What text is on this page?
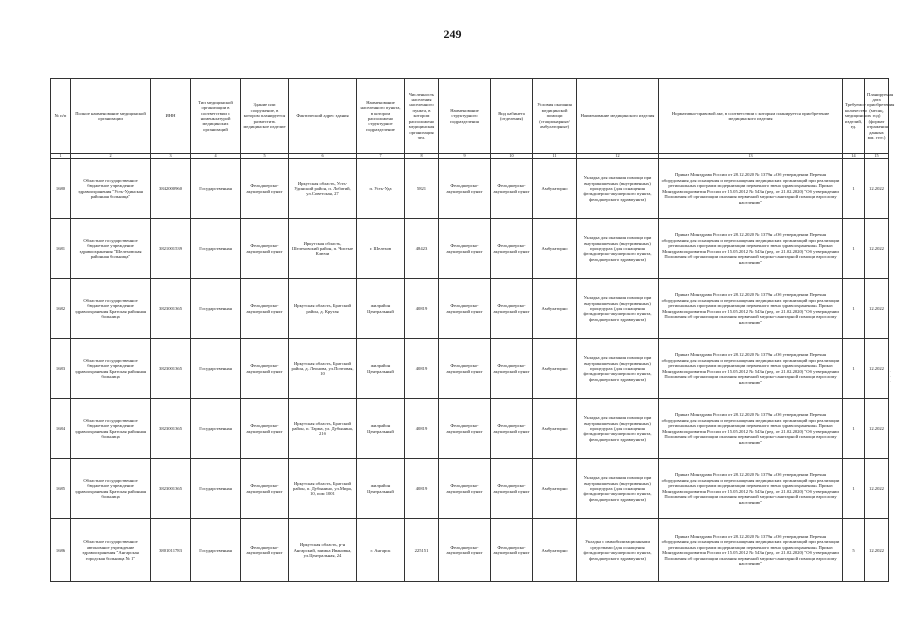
249
№ п/п	Полное наименование медицинской организации	ИНН	Тип медицинской организации в соответствии с номенклатурой медицинских организаций	Здание или сооружение, в котором планируется разместить медицинское изделие	Фактический адрес здания	Наименование населенного пункта, в котором расположено структурное подразделение	Численность населения населенного пункта, в котором расположено медицинская организация чел.	Наименование структурного подразделения	Вид кабинета (отделения)	Условия оказания медицинской помощи (стационарные/амбулаторные)	Наименование медицинского изделия	Нормативно-правовой акт, в соответствии с которым планируется приобретение медицинского изделия	Требуемое количество медицинских изделий, ед.	Планируемая дата приобретения (месяц, год) (формат отражения данных мм. гггг.)
1	2	3	4	5	6	7	8	9	10	11	12	13	14	15
1680	Областное государственное бюджетное учреждение здравоохранения "Усть-Удинская районная больница"	3842000960	Государственная	Фельдшерско-акушерский пункт	Иркутская область, Усть-Удинский район, п. Лобатий, ул.Советская, 27	п. Усть-Уда	5821	Фельдшерско-акушерский пункт	Фельдшерско-акушерский пункт	Амбулаторно	Укладка для оказания помощи при внутрикишечных (внутривенных) процедурах (для оснащения фельдшерско-акушерского пункта, фельдшерского здравпункта)	Приказ Минздрава России от 28.12.2020 № 1379н «Об утверждении Перечня оборудования для оснащения и переоснащения медицинских организаций при реализации региональных программ модернизации первичного звена здравоохранения» Приказ Минздравсоцразвития России от 15.05.2012 № 543н (ред. от 21.02.2020) "Об утверждении Положения об организации оказания первичной медико-санитарной помощи взрослому населению"	1	12.2022
1681	Областное государственное бюджетное учреждение здравоохранения "Шелеховская районная больница"	3821001539	Государственная	Фельдшерско-акушерский пункт	Иркутская область, Шелеховский район, п. Чистые Ключи	г. Шелехов	48423	Фельдшерско-акушерский пункт	Фельдшерско-акушерский пункт	Амбулаторно	Укладка для оказания помощи при внутрикишечных (внутривенных) процедурах (для оснащения фельдшерско-акушерского пункта, фельдшерского здравпункта)	Приказ Минздрава России от 28.12.2020 № 1379н «Об утверждении Перечня оборудования для оснащения и переоснащения медицинских организаций при реализации региональных программ модернизации первичного звена здравоохранения» Приказ Минздравсоцразвития России от 15.05.2012 № 543н (ред. от 21.02.2020) "Об утверждении Положения об организации оказания первичной медико-санитарной помощи взрослому населению"	1	12.2022
1682	Областное государственное бюджетное учреждение здравоохранения Братская районная больница	3823001365	Государственная	Фельдшерско-акушерский пункт	Иркутская область, Братский район, д. Крутая	жилрайон Центральный	40819	Фельдшерско-акушерский пункт	Фельдшерско-акушерский пункт	Амбулаторно	Укладка для оказания помощи при внутрикишечных (внутривенных) процедурах (для оснащения фельдшерско-акушерского пункта, фельдшерского здравпункта)	Приказ Минздрава России от 28.12.2020 № 1379н «Об утверждении Перечня оборудования для оснащения и переоснащения медицинских организаций при реализации региональных программ модернизации первичного звена здравоохранения» Приказ Минздравсоцразвития России от 15.05.2012 № 543н (ред. от 21.02.2020) "Об утверждении Положения об организации оказания первичной медико-санитарной помощи взрослому населению"	1	12.2022
1683	Областное государственное бюджетное учреждение здравоохранения Братская районная больница	3823001365	Государственная	Фельдшерско-акушерский пункт	Иркутская область, Братский район, д. Леонова, ул.Почтовая, 10	жилрайон Центральный	40819	Фельдшерско-акушерский пункт	Фельдшерско-акушерский пункт	Амбулаторно	Укладка для оказания помощи при внутрикишечных (внутривенных) процедурах (для оснащения фельдшерско-акушерского пункта, фельдшерского здравпункта)	Приказ Минздрава России от 28.12.2020 № 1379н «Об утверждении Перечня оборудования для оснащения и переоснащения медицинских организаций при реализации региональных программ модернизации первичного звена здравоохранения» Приказ Минздравсоцразвития России от 15.05.2012 № 543н (ред. от 21.02.2020) "Об утверждении Положения об организации оказания первичной медико-санитарной помощи взрослому населению"	1	12.2022
1684	Областное государственное бюджетное учреждение здравоохранения Братская районная больница	3823001365	Государственная	Фельдшерско-акушерский пункт	Иркутская область, Братский район, п. Тарма, ул. Дубынина, 21б	жилрайон Центральный	40819	Фельдшерско-акушерский пункт	Фельдшерско-акушерский пункт	Амбулаторно	Укладка для оказания помощи при внутрикишечных (внутривенных) процедурах (для оснащения фельдшерско-акушерского пункта, фельдшерского здравпункта)	Приказ Минздрава России от 28.12.2020 № 1379н «Об утверждении Перечня оборудования для оснащения и переоснащения медицинских организаций при реализации региональных программ модернизации первичного звена здравоохранения» Приказ Минздравсоцразвития России от 15.05.2012 № 543н (ред. от 21.02.2020) "Об утверждении Положения об организации оказания первичной медико-санитарной помощи взрослому населению"	1	12.2022
1685	Областное государственное бюджетное учреждение здравоохранения Братская районная больница	3823001365	Государственная	Фельдшерско-акушерский пункт	Иркутская область, Братский район, п. Дубынино, ул.Мира, 10, пом 1001	жилрайон Центральный	40819	Фельдшерско-акушерский пункт	Фельдшерско-акушерский пункт	Амбулаторно	Укладка для оказания помощи при внутрикишечных (внутривенных) процедурах (для оснащения фельдшерско-акушерского пункта, фельдшерского здравпункта)	Приказ Минздрава России от 28.12.2020 № 1379н «Об утверждении Перечня оборудования для оснащения и переоснащения медицинских организаций при реализации региональных программ модернизации первичного звена здравоохранения» Приказ Минздравсоцразвития России от 15.05.2012 № 543н (ред. от 21.02.2020) "Об утверждении Положения об организации оказания первичной медико-санитарной помощи взрослому населению"	1	12.2022
1686	Областное государственное автономное учреждение здравоохранения "Ангарская городская больница № 1"	3801011783	Государственная	Фельдшерско-акушерский пункт	Иркутская область, р-н Ангарский, заимка Ивановка, ул.Центральная, 24	г. Ангарск	225151	Фельдшерско-акушерский пункт	Фельдшерско-акушерский пункт	Амбулаторно	Укладка с иммобилизационными средствами (для оснащения фельдшерско-акушерского пункта, фельдшерского здравпункта)	Приказ Минздрава России от 28.12.2020 № 1379н «Об утверждении Перечня оборудования для оснащения и переоснащения медицинских организаций при реализации региональных программ модернизации первичного звена здравоохранения» Приказ Минздравсоцразвития России от 15.05.2012 № 543н (ред. от 21.02.2020) "Об утверждении Положения об организации оказания первичной медико-санитарной помощи взрослому населению"	5	12.2022
·
·
·
